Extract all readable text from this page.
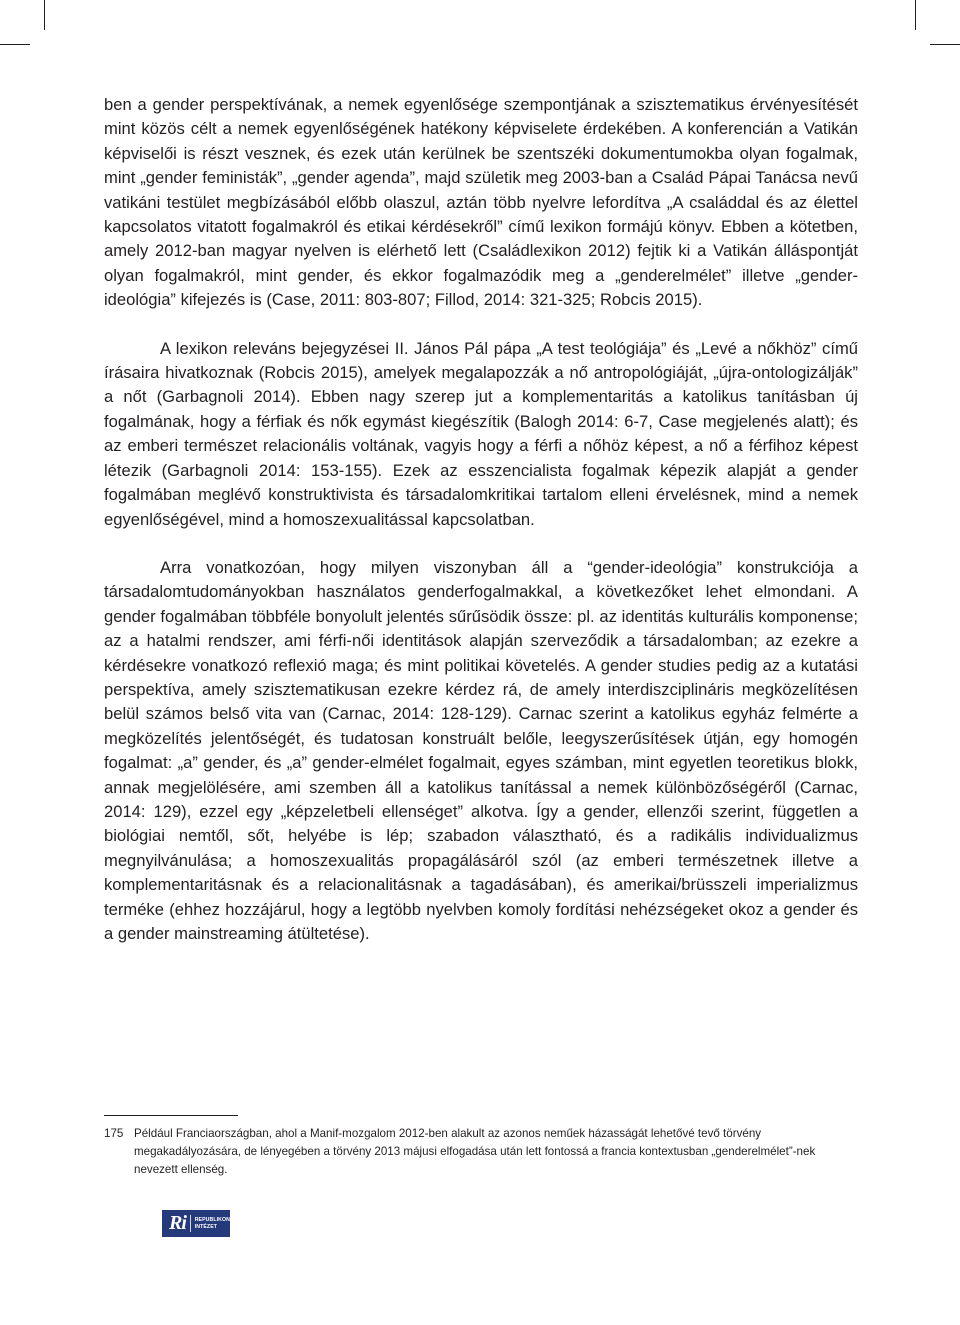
ben a gender perspektívának, a nemek egyenlősége szempontjának a szisztematikus érvényesítését mint közös célt a nemek egyenlőségének hatékony képviselete érdekében. A konferencián a Vatikán képviselői is részt vesznek, és ezek után kerülnek be szentszéki dokumentumokba olyan fogalmak, mint „gender feministák”, „gender agenda”, majd születik meg 2003-ban a Család Pápai Tanácsa nevű vatikáni testület megbízásából előbb olaszul, aztán több nyelvre lefordítva „A családdal és az élettel kapcsolatos vitatott fogalmakról és etikai kérdésekről” című lexikon formájú könyv. Ebben a kötetben, amely 2012-ban magyar nyelven is elérhető lett (Családlexikon 2012) fejtik ki a Vatikán álláspontját olyan fogalmakról, mint gender, és ekkor fogalmazódik meg a „genderelmélet” illetve „gender-ideológia” kifejezés is (Case, 2011: 803-807; Fillod, 2014: 321-325; Robcis 2015).

A lexikon releváns bejegyzései II. János Pál pápa „A test teológiája” és „Levé a nőkhöz” című írásaira hivatkoznak (Robcis 2015), amelyek megalapozzák a nő antropológiáját, „újra-ontologizálják” a nőt (Garbagnoli 2014). Ebben nagy szerep jut a komplementaritás a katolikus tanításban új fogalmának, hogy a férfiak és nők egymást kiegészítik (Balogh 2014: 6-7, Case megjelenés alatt); és az emberi természet relacionális voltának, vagyis hogy a férfi a nőhöz képest, a nő a férfihoz képest létezik (Garbagnoli 2014: 153-155). Ezek az esszencialista fogalmak képezik alapját a gender fogalmában meglévő konstruktivista és társadalomkritikai tartalom elleni érvelésnek, mind a nemek egyenlőségével, mind a homoszexualitással kapcsolatban.

Arra vonatkozóan, hogy milyen viszonyban áll a “gender-ideológia” konstrukciója a társadalomtudományokban használatos genderfogalmakkal, a következőket lehet elmondani. A gender fogalmában többféle bonyolult jelentés sűrűsödik össze: pl. az identitás kulturális komponense; az a hatalmi rendszer, ami férfi-női identitások alapján szerveződik a társadalomban; az ezekre a kérdésekre vonatkozó reflexió maga; és mint politikai követelés. A gender studies pedig az a kutatási perspektíva, amely szisztematikusan ezekre kérdez rá, de amely interdiszciplináris megközelítésen belül számos belső vita van (Carnac, 2014: 128-129). Carnac szerint a katolikus egyház felmérte a megközelítés jelentőségét, és tudatosan konstruált belőle, leegyszerűsítések útján, egy homogén fogalmat: „a” gender, és „a” gender-elmélet fogalmait, egyes számban, mint egyetlen teoretikus blokk, annak megjelölésére, ami szemben áll a katolikus tanítással a nemek különbözőségéről (Carnac, 2014: 129), ezzel egy „képzeletbeli ellenséget” alkotva. Így a gender, ellenzői szerint, független a biológiai nemtől, sőt, helyébe is lép; szabadon választható, és a radikális individualizmus megnyilvánulása; a homoszexualitás propagálásáról szól (az emberi természetnek illetve a komplementaritásnak és a relacionalitásnak a tagadásában), és amerikai/brüsszeli imperializmus terméke (ehhez hozzájárul, hogy a legtöbb nyelvben komoly fordítási nehézségeket okoz a gender és a gender mainstreaming átültetése).

175 Például Franciaországban, ahol a Manif-mozgalom 2012-ben alakult az azonos neműek házasságát lehetővé tevő törvény megakadályozására, de lényegében a törvény 2013 májusi elfogadása után lett fontossá a francia kontextusban „genderelmélet”-nek nevezett ellenség.
Ri	REPUBLIKON
INTÉZET
